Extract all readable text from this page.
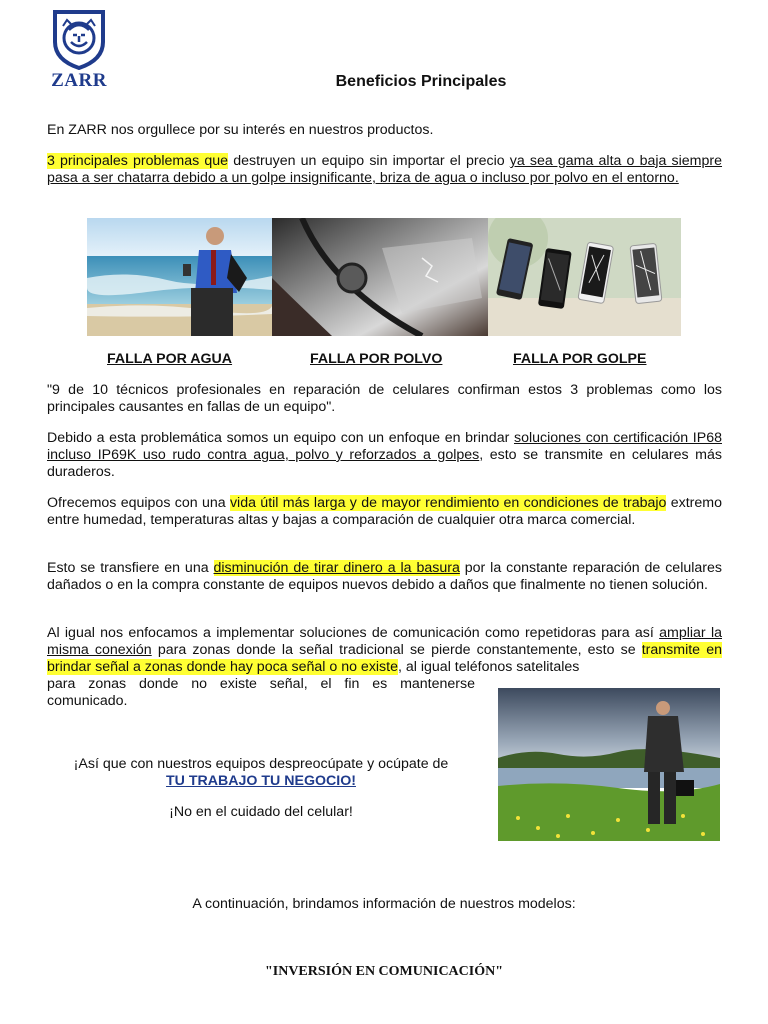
ZARR	Beneficios Principales
En ZARR nos orgullece por su interés en nuestros productos.
3 principales problemas que destruyen un equipo sin importar el precio ya sea gama alta o baja siempre pasa a ser chatarra debido a un golpe insignificante, briza de agua o incluso por polvo en el entorno.
FALLA POR AGUA	FALLA POR POLVO	FALLA POR GOLPE
"9 de 10 técnicos profesionales en reparación de celulares confirman estos 3 problemas como los principales causantes en fallas de un equipo".
Debido a esta problemática somos un equipo con un enfoque en brindar soluciones con certificación IP68 incluso IP69K uso rudo contra agua, polvo y reforzados a golpes, esto se transmite en celulares más duraderos.
Ofrecemos equipos con una vida útil más larga y de mayor rendimiento en condiciones de trabajo extremo entre humedad, temperaturas altas y bajas a comparación de cualquier otra marca comercial.
Esto se transfiere en una disminución de tirar dinero a la basura por la constante reparación de celulares dañados o en la compra constante de equipos nuevos debido a daños que finalmente no tienen solución.
Al igual nos enfocamos a implementar soluciones de comunicación como repetidoras para así ampliar la misma conexión para zonas donde la señal tradicional se pierde constantemente, esto se transmite en brindar señal a zonas donde hay poca señal o no existe, al igual teléfonos satelitales
para zonas donde no existe señal, el fin es mantenerse comunicado.
¡Así que con nuestros equipos despreocúpate y ocúpate de
TU TRABAJO TU NEGOCIO!
¡No en el cuidado del celular!
A continuación, brindamos información de nuestros modelos:
"INVERSIÓN EN COMUNICACIÓN"
